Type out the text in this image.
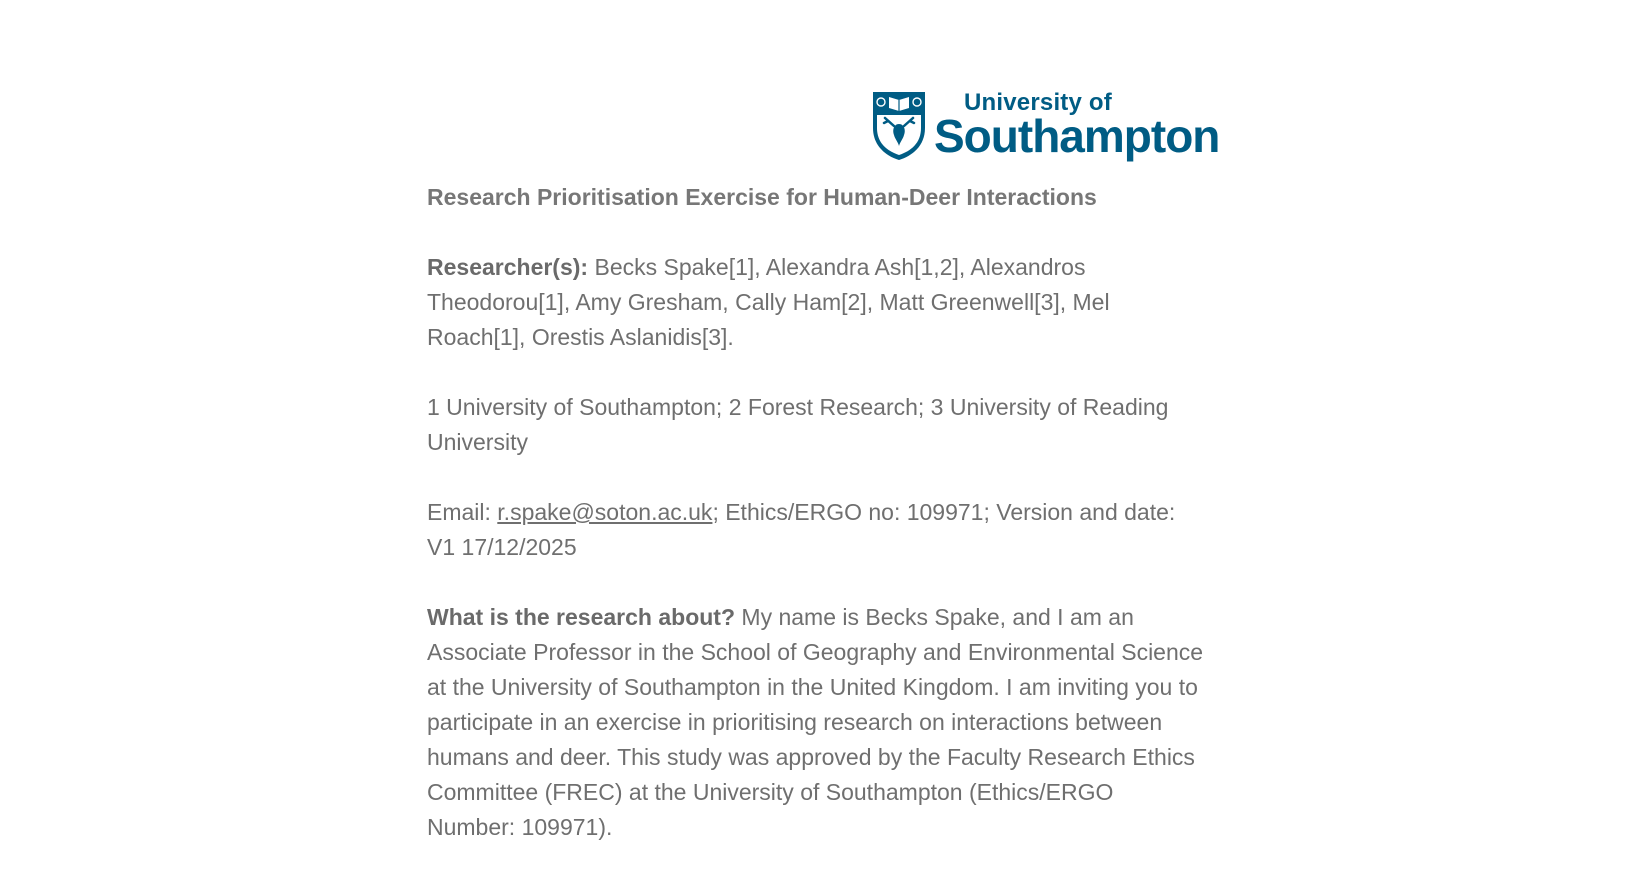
University of
Southampton
Research Prioritisation Exercise for Human-Deer Interactions

Researcher(s): Becks Spake[1], Alexandra Ash[1,2], Alexandros Theodorou[1], Amy Gresham, Cally Ham[2], Matt Greenwell[3], Mel Roach[1], Orestis Aslanidis[3].

1 University of Southampton; 2 Forest Research; 3 University of Reading University

Email: r.spake@soton.ac.uk; Ethics/ERGO no: 109971; Version and date: V1 17/12/2025

What is the research about? My name is Becks Spake, and I am an Associate Professor in the School of Geography and Environmental Science at the University of Southampton in the United Kingdom. I am inviting you to participate in an exercise in prioritising research on interactions between humans and deer. This study was approved by the Faculty Research Ethics Committee (FREC) at the University of Southampton (Ethics/ERGO Number: 109971).
